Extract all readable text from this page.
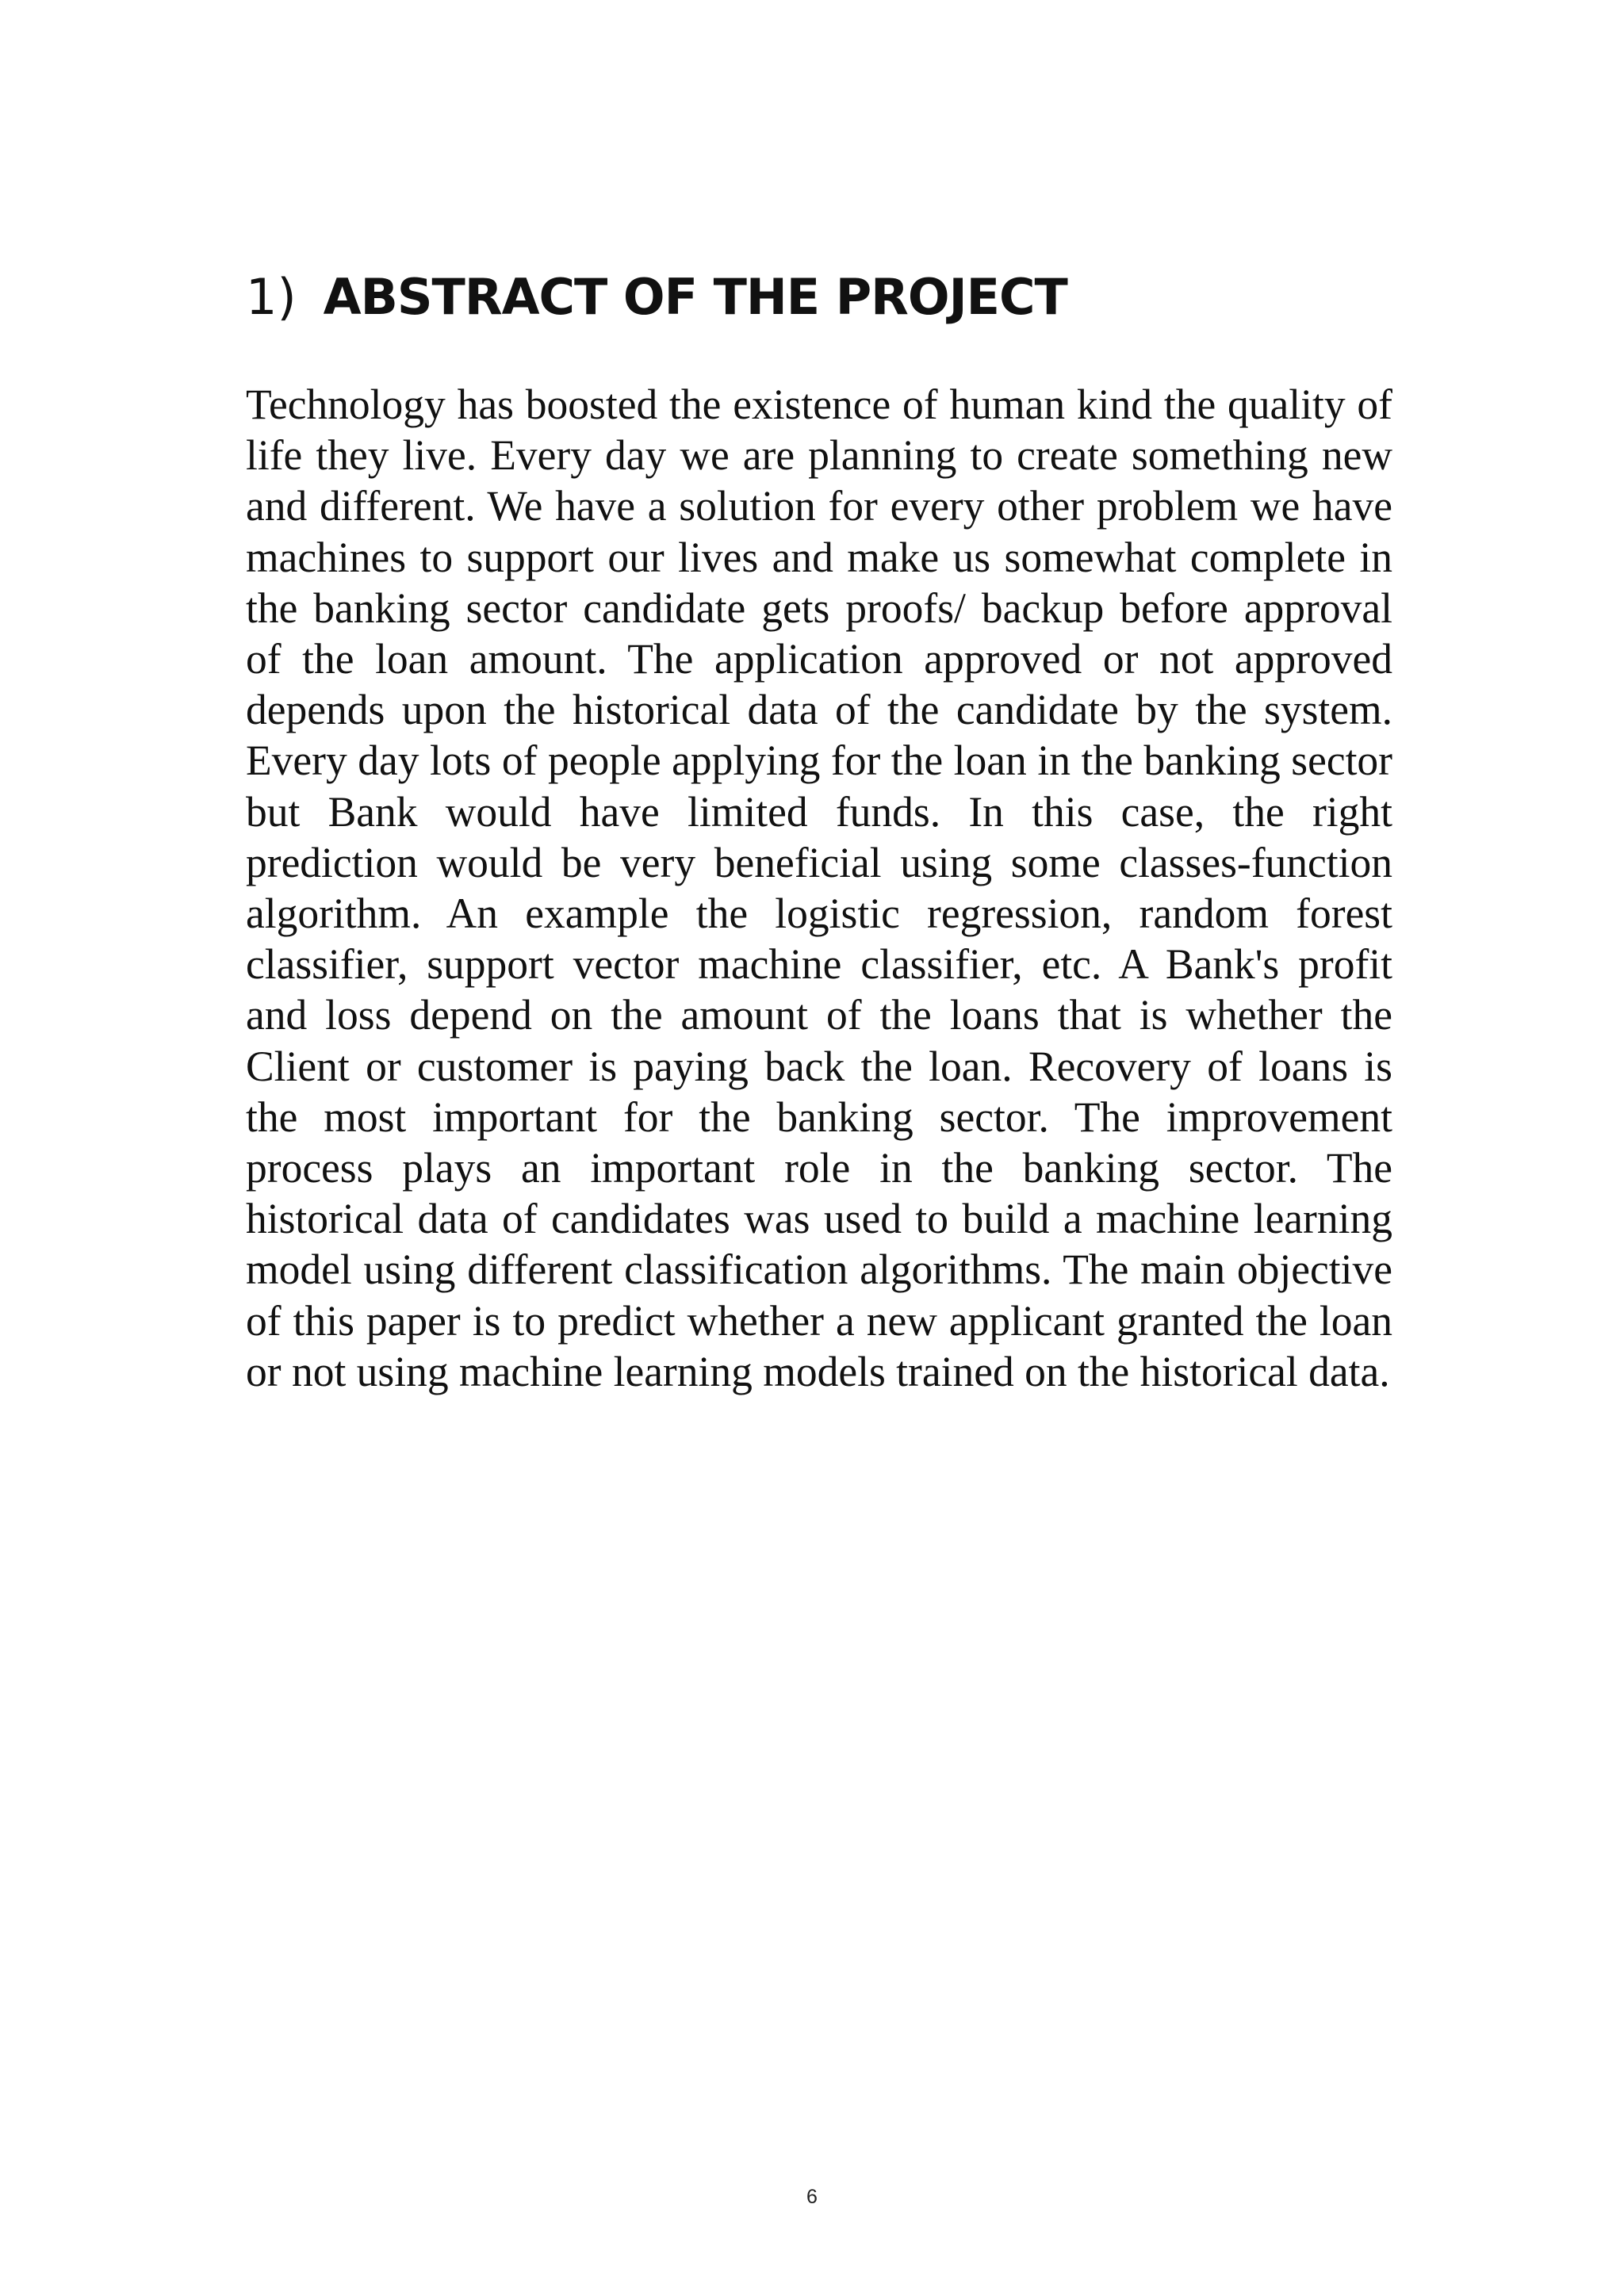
1) ABSTRACT OF THE PROJECT

Technology has boosted the existence of human kind the quality of life they live. Every day we are planning to create something new and different. We have a solution for every other problem we have machines to support our lives and make us somewhat complete in the banking sector candidate gets proofs/ backup before approval of the loan amount. The application approved or not approved depends upon the historical data of the candidate by the system. Every day lots of people applying for the loan in the banking sector but Bank would have limited funds. In this case, the right prediction would be very beneficial using some classes-function algorithm. An example the logistic regression, random forest classifier, support vector machine classifier, etc. A Bank's profit and loss depend on the amount of the loans that is whether the Client or customer is paying back the loan. Recovery of loans is the most important for the banking sector. The improvement process plays an important role in the banking sector. The historical data of candidates was used to build a machine learning model using different classification algorithms. The main objective of this paper is to predict whether a new applicant granted the loan or not using machine learning models trained on the historical data.

6
